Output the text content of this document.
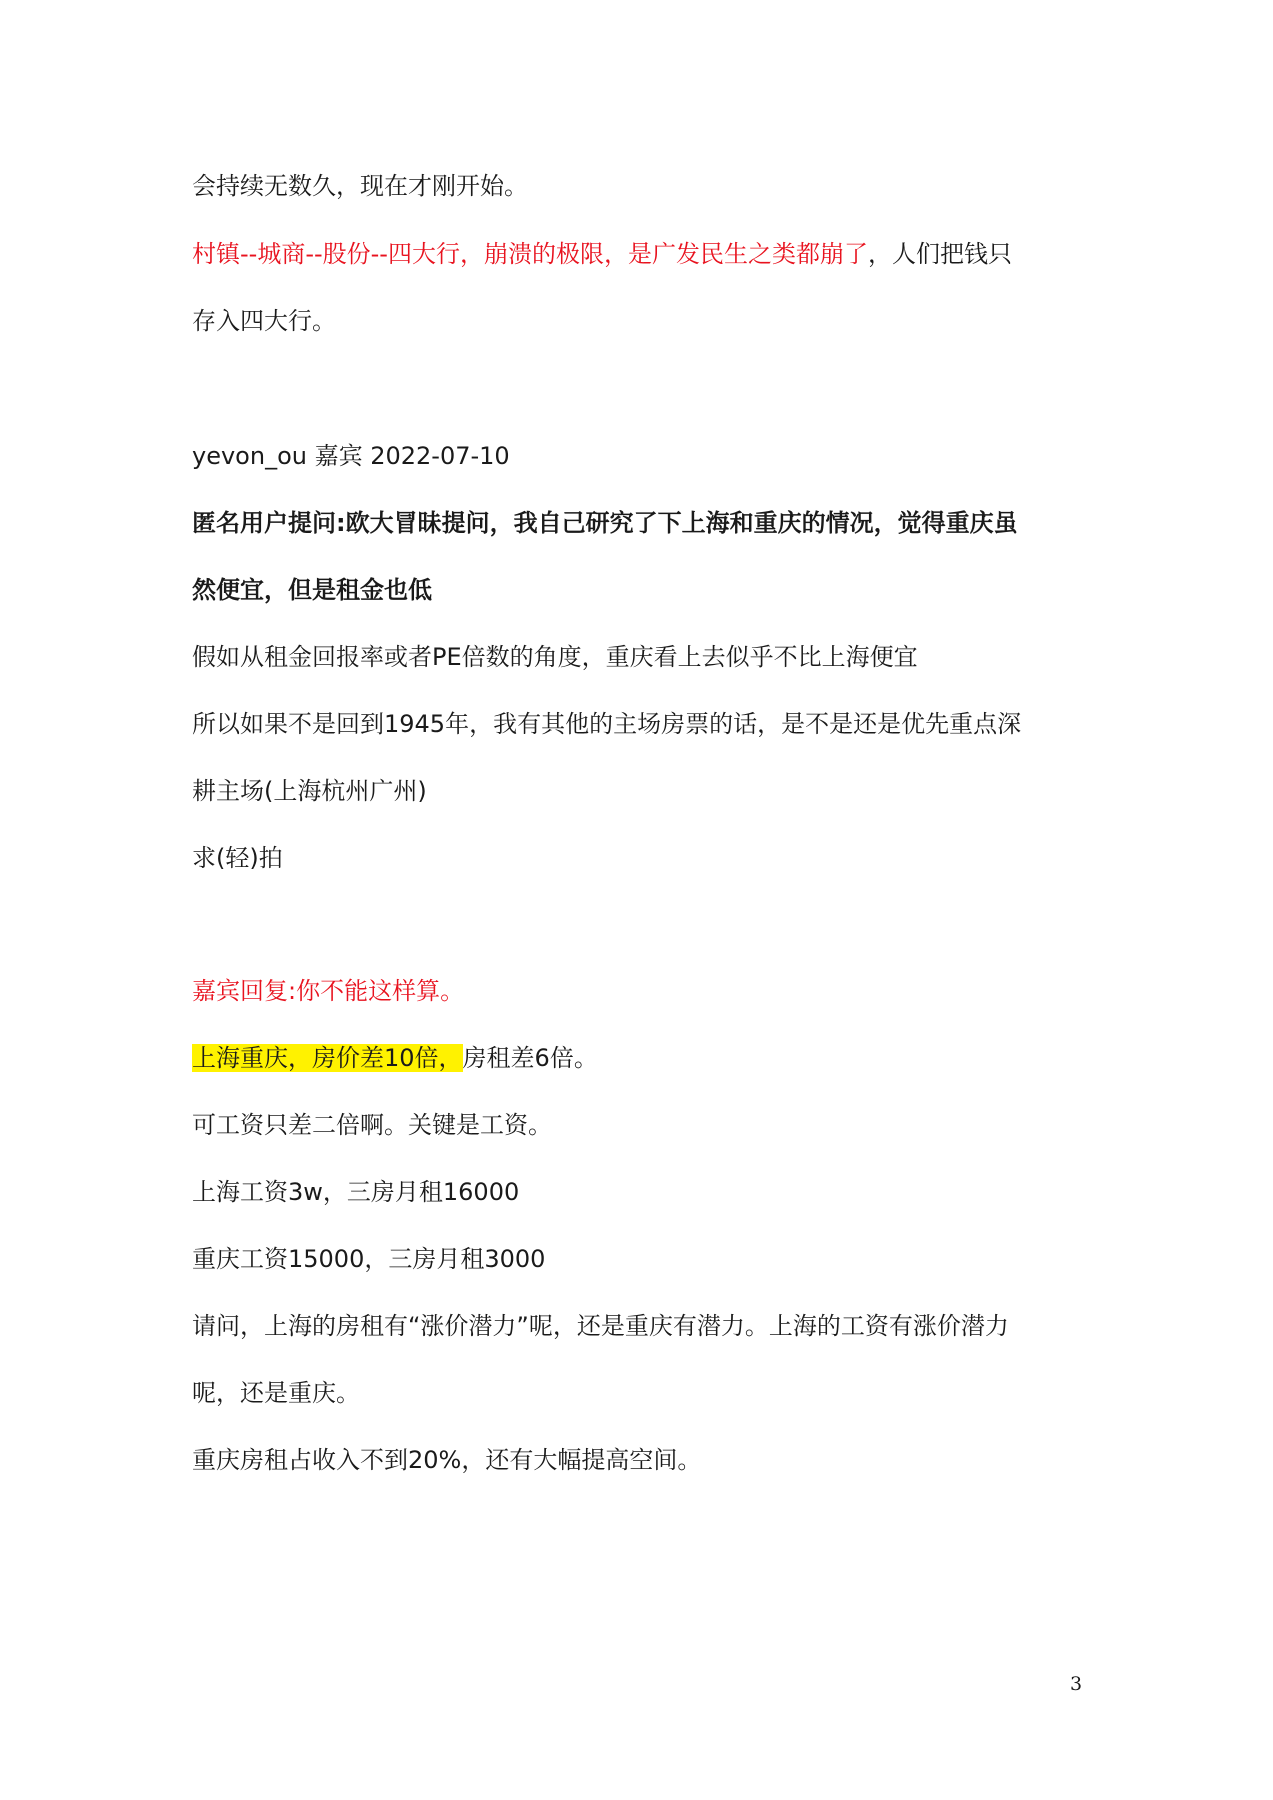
会持续无数久，现在才刚开始。
村镇--城商--股份--四大行，崩溃的极限，是广发民生之类都崩了，人们把钱只
存入四大行。
yevon_ou 嘉宾 2022-07-10
匿名用户提问:欧大冒昧提问，我自己研究了下上海和重庆的情况，觉得重庆虽
然便宜，但是租金也低
假如从租金回报率或者PE倍数的角度，重庆看上去似乎不比上海便宜
所以如果不是回到1945年，我有其他的主场房票的话，是不是还是优先重点深
耕主场(上海杭州广州)
求(轻)拍
嘉宾回复:你不能这样算。
上海重庆，房价差10倍，房租差6倍。
可工资只差二倍啊。关键是工资。
上海工资3w，三房月租16000
重庆工资15000，三房月租3000
请问，上海的房租有“涨价潜力”呢，还是重庆有潜力。上海的工资有涨价潜力
呢，还是重庆。
重庆房租占收入不到20%，还有大幅提高空间。
3
